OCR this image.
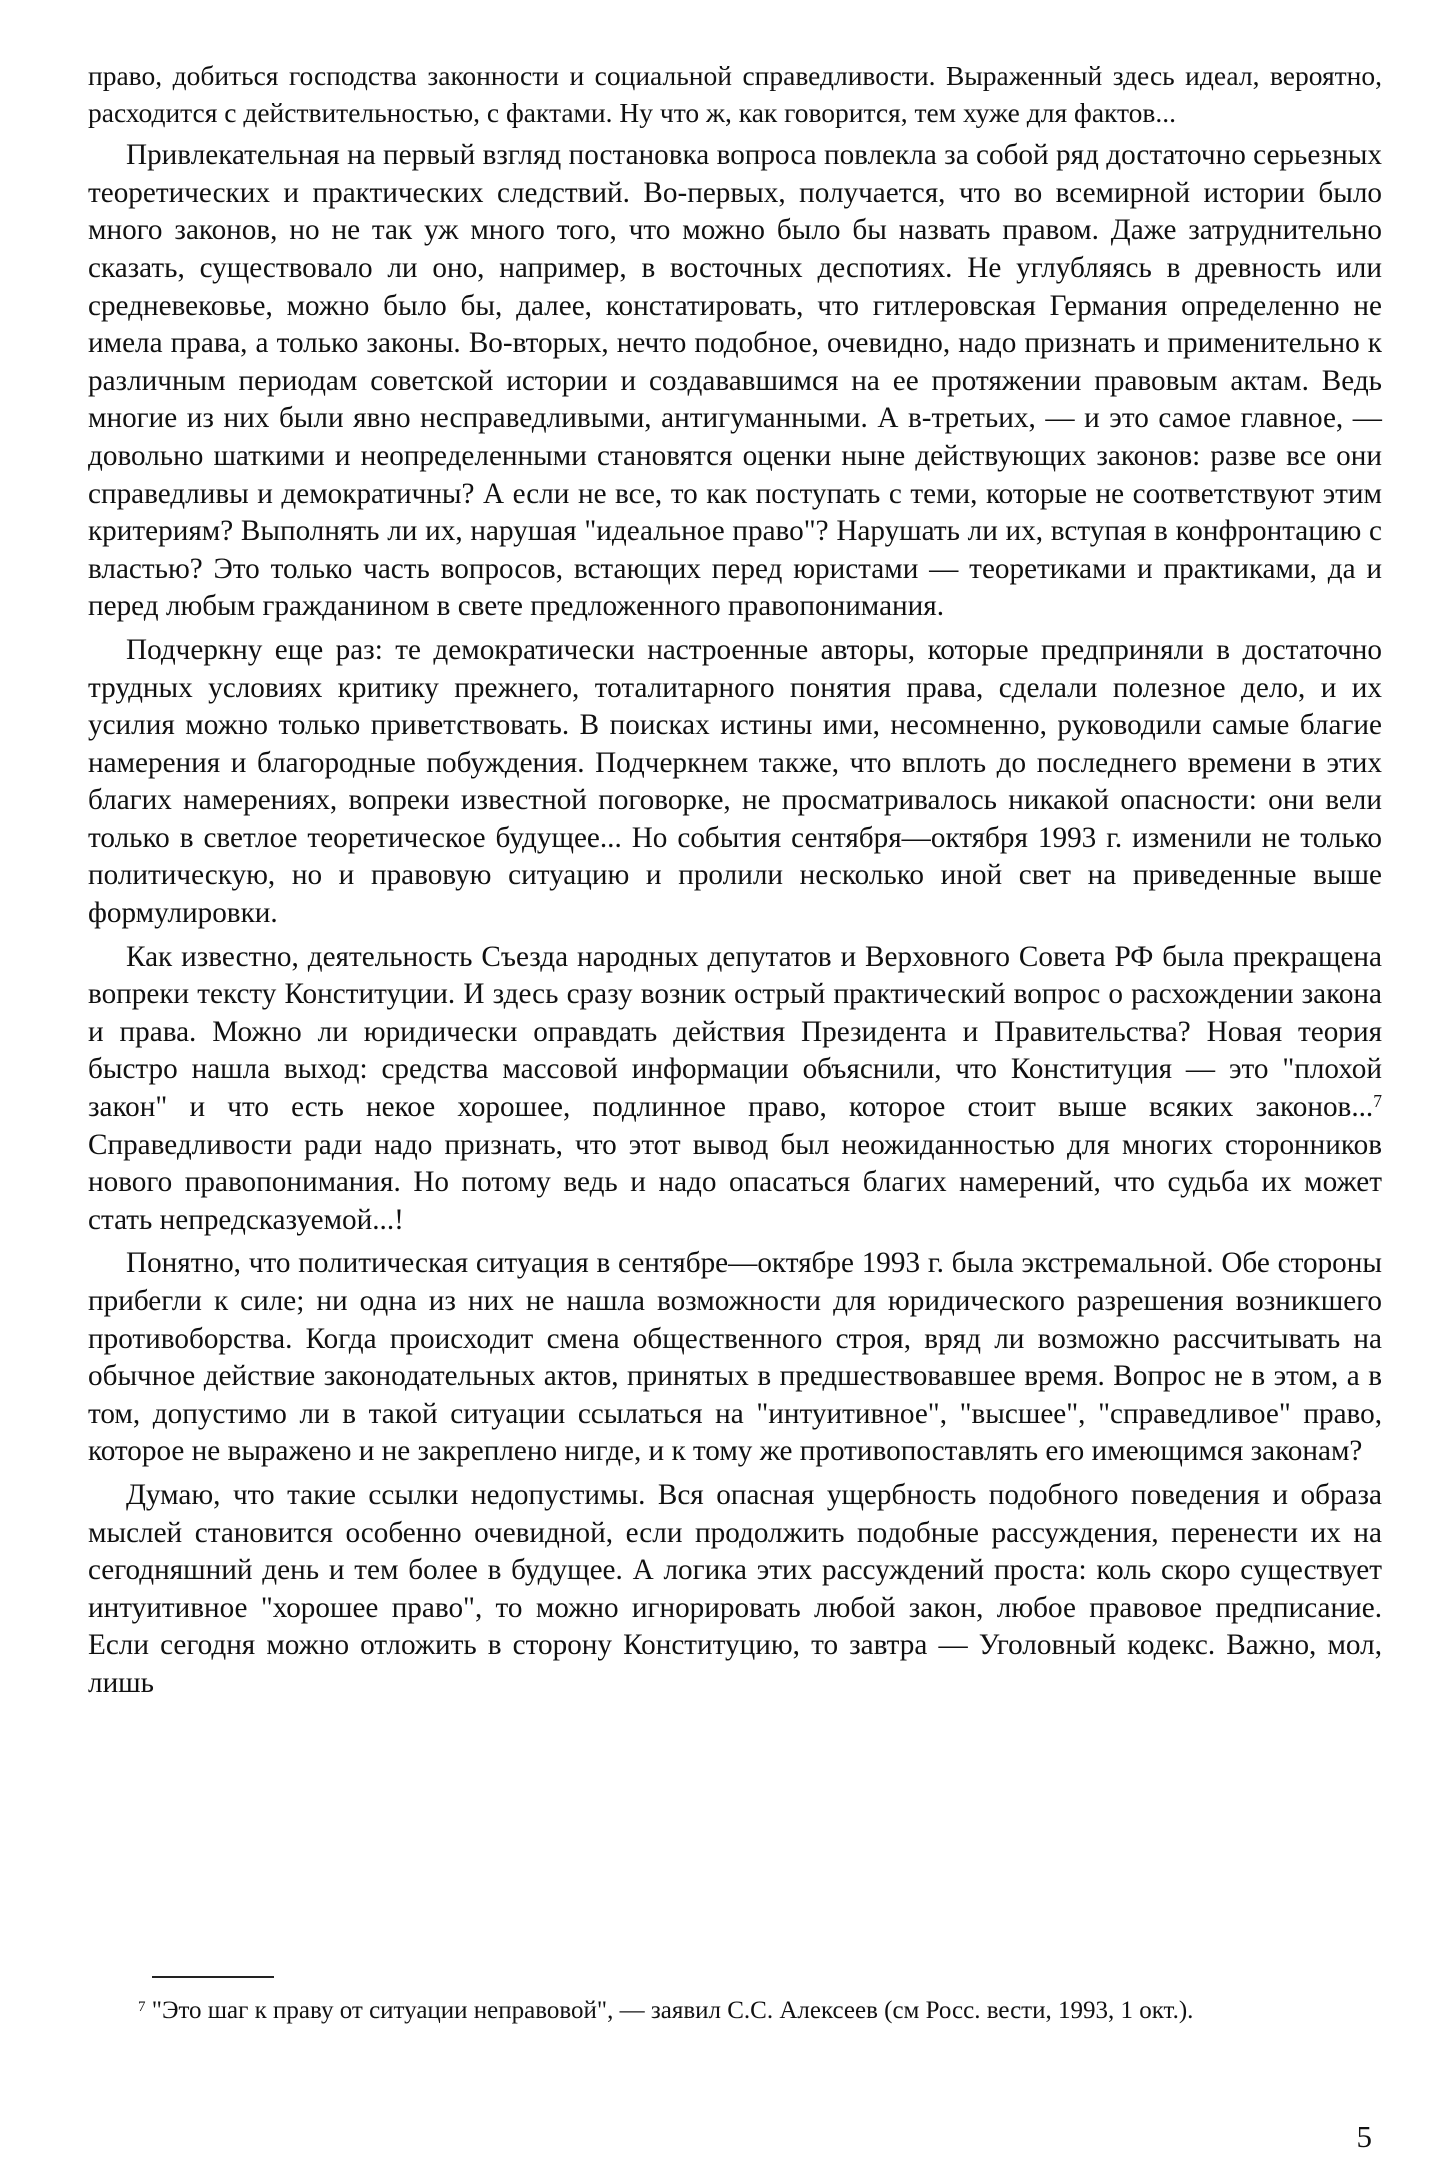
право, добиться господства законности и социальной справедливости. Выраженный здесь идеал, вероятно, расходится с действительностью, с фактами. Ну что ж, как говорится, тем хуже для фактов...

Привлекательная на первый взгляд постановка вопроса повлекла за собой ряд достаточно серьезных теоретических и практических следствий. Во-первых, получается, что во всемирной истории было много законов, но не так уж много того, что можно было бы назвать правом. Даже затруднительно сказать, существовало ли оно, например, в восточных деспотиях. Не углубляясь в древность или средневековье, можно было бы, далее, констатировать, что гитлеровская Германия определенно не имела права, а только законы. Во-вторых, нечто подобное, очевидно, надо признать и применительно к различным периодам советской истории и создававшимся на ее протяжении правовым актам. Ведь многие из них были явно несправедливыми, антигуманными. А в-третьих, — и это самое главное, — довольно шаткими и неопределенными становятся оценки ныне действующих законов: разве все они справедливы и демократичны? А если не все, то как поступать с теми, которые не соответствуют этим критериям? Выполнять ли их, нарушая "идеальное право"? Нарушать ли их, вступая в конфронтацию с властью? Это только часть вопросов, встающих перед юристами — теоретиками и практиками, да и перед любым гражданином в свете предложенного правопонимания.

Подчеркну еще раз: те демократически настроенные авторы, которые предприняли в достаточно трудных условиях критику прежнего, тоталитарного понятия права, сделали полезное дело, и их усилия можно только приветствовать. В поисках истины ими, несомненно, руководили самые благие намерения и благородные побуждения. Подчеркнем также, что вплоть до последнего времени в этих благих намерениях, вопреки известной поговорке, не просматривалось никакой опасности: они вели только в светлое теоретическое будущее... Но события сентября—октября 1993 г. изменили не только политическую, но и правовую ситуацию и пролили несколько иной свет на приведенные выше формулировки.

Как известно, деятельность Съезда народных депутатов и Верховного Совета РФ была прекращена вопреки тексту Конституции. И здесь сразу возник острый практический вопрос о расхождении закона и права. Можно ли юридически оправдать действия Президента и Правительства? Новая теория быстро нашла выход: средства массовой информации объяснили, что Конституция — это "плохой закон" и что есть некое хорошее, подлинное право, которое стоит выше всяких законов...$^7$ Справедливости ради надо признать, что этот вывод был неожиданностью для многих сторонников нового правопонимания. Но потому ведь и надо опасаться благих намерений, что судьба их может стать непредсказуемой...!

Понятно, что политическая ситуация в сентябре—октябре 1993 г. была экстремальной. Обе стороны прибегли к силе; ни одна из них не нашла возможности для юридического разрешения возникшего противоборства. Когда происходит смена общественного строя, вряд ли возможно рассчитывать на обычное действие законодательных актов, принятых в предшествовавшее время. Вопрос не в этом, а в том, допустимо ли в такой ситуации ссылаться на "интуитивное", "высшее", "справедливое" право, которое не выражено и не закреплено нигде, и к тому же противопоставлять его имеющимся законам?

Думаю, что такие ссылки недопустимы. Вся опасная ущербность подобного поведения и образа мыслей становится особенно очевидной, если продолжить подобные рассуждения, перенести их на сегодняшний день и тем более в будущее. А логика этих рассуждений проста: коль скоро существует интуитивное "хорошее право", то можно игнорировать любой закон, любое правовое предписание. Если сегодня можно отложить в сторону Конституцию, то завтра — Уголовный кодекс. Важно, мол, лишь

$^7$ "Это шаг к праву от ситуации неправовой", — заявил С.С. Алексеев (см Росс. вести, 1993, 1 окт.).

5
